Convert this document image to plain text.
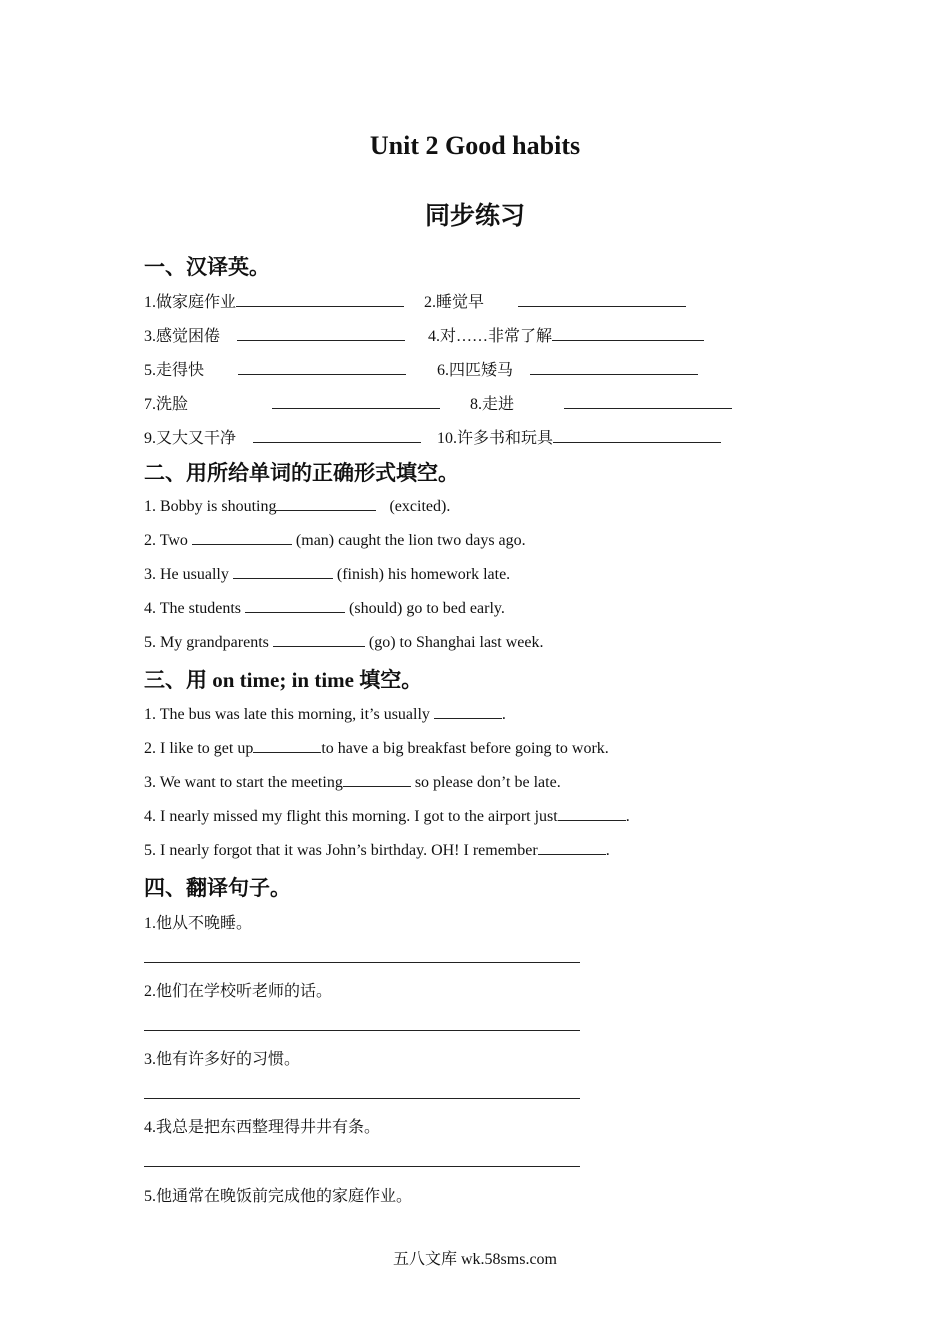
Unit 2 Good habits
同步练习
一、汉译英。
1.做家庭作业	2.睡觉早
3.感觉困倦	4.对……非常了解
5.走得快	6.四匹矮马
7.洗脸	8.走进
9.又大又干净	10.许多书和玩具
二、用所给单词的正确形式填空。
1. Bobby is shouting	(excited).
2. Two	(man) caught the lion two days ago.
3. He usually	(finish) his homework late.
4. The students	(should) go to bed early.
5. My grandparents	(go) to Shanghai last week.
三、用 on time; in time 填空。
1. The bus was late this morning, it’s usually	.
2. I like to get up	to have a big breakfast before going to work.
3. We want to start the meeting	so please don’t be late.
4. I nearly missed my flight this morning. I got to the airport just	.
5. I nearly forgot that it was John’s birthday. OH! I remember	.
四、翻译句子。
1.他从不晚睡。
2.他们在学校听老师的话。
3.他有许多好的习惯。
4.我总是把东西整理得井井有条。
5.他通常在晚饭前完成他的家庭作业。
五八文库 wk.58sms.com
